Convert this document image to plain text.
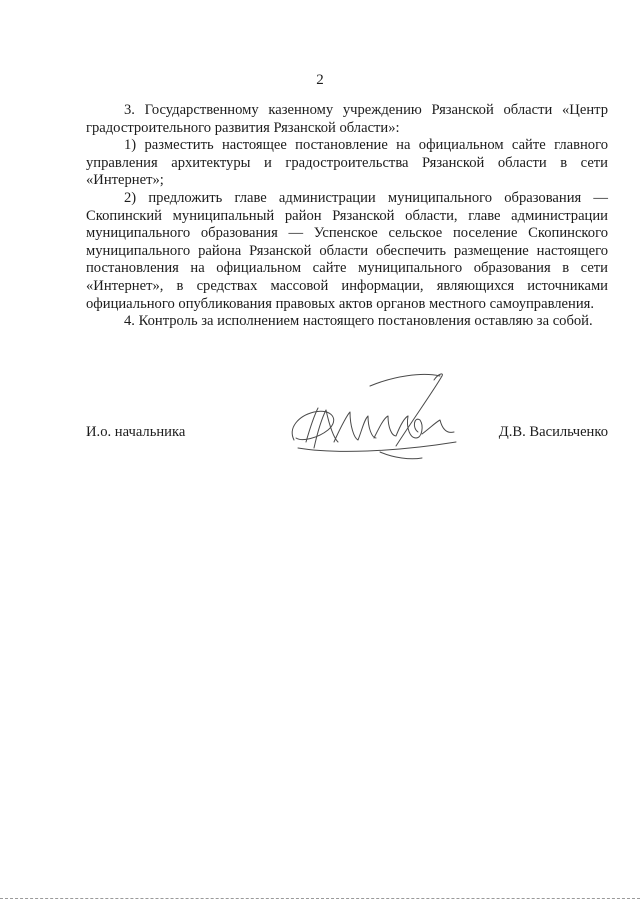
2

3. Государственному казенному учреждению Рязанской области «Центр градостроительного развития Рязанской области»:

1) разместить настоящее постановление на официальном сайте главного управления архитектуры и градостроительства Рязанской области в сети «Интернет»;

2) предложить главе администрации муниципального образования — Скопинский муниципальный район Рязанской области, главе администрации муниципального образования — Успенское сельское поселение Скопинского муниципального района Рязанской области обеспечить размещение настоящего постановления на официальном сайте муниципального образования в сети «Интернет», в средствах массовой информации, являющихся источниками официального опубликования правовых актов органов местного самоуправления.

4. Контроль за исполнением настоящего постановления оставляю за собой.

И.о. начальника	Д.В. Васильченко
